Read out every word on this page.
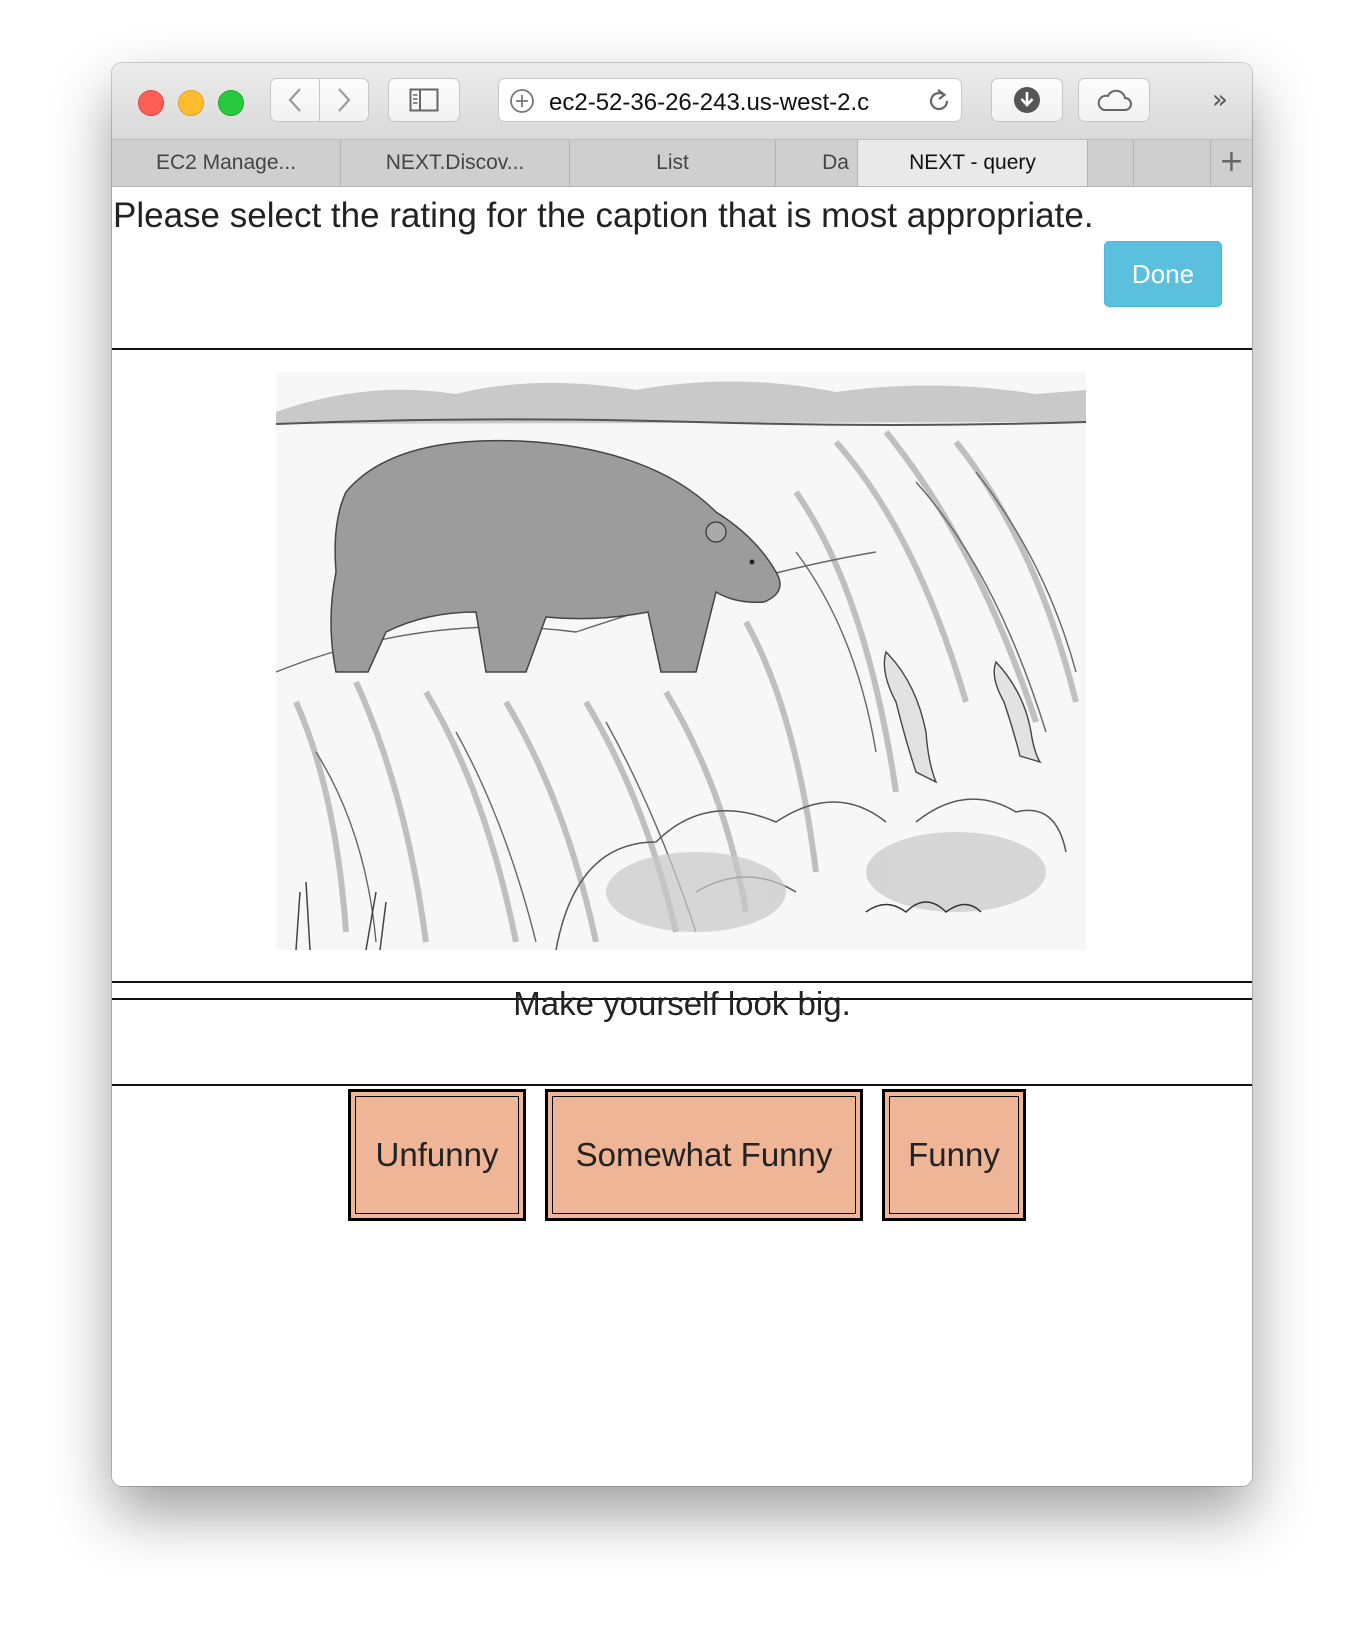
ec2-52-36-26-243.us-west-2.c	»
EC2 Manage...	NEXT.Discov...	List	Da	NEXT - query	+
Please select the rating for the caption that is most appropriate.
Done
Make yourself look big.
Unfunny	Somewhat Funny	Funny
